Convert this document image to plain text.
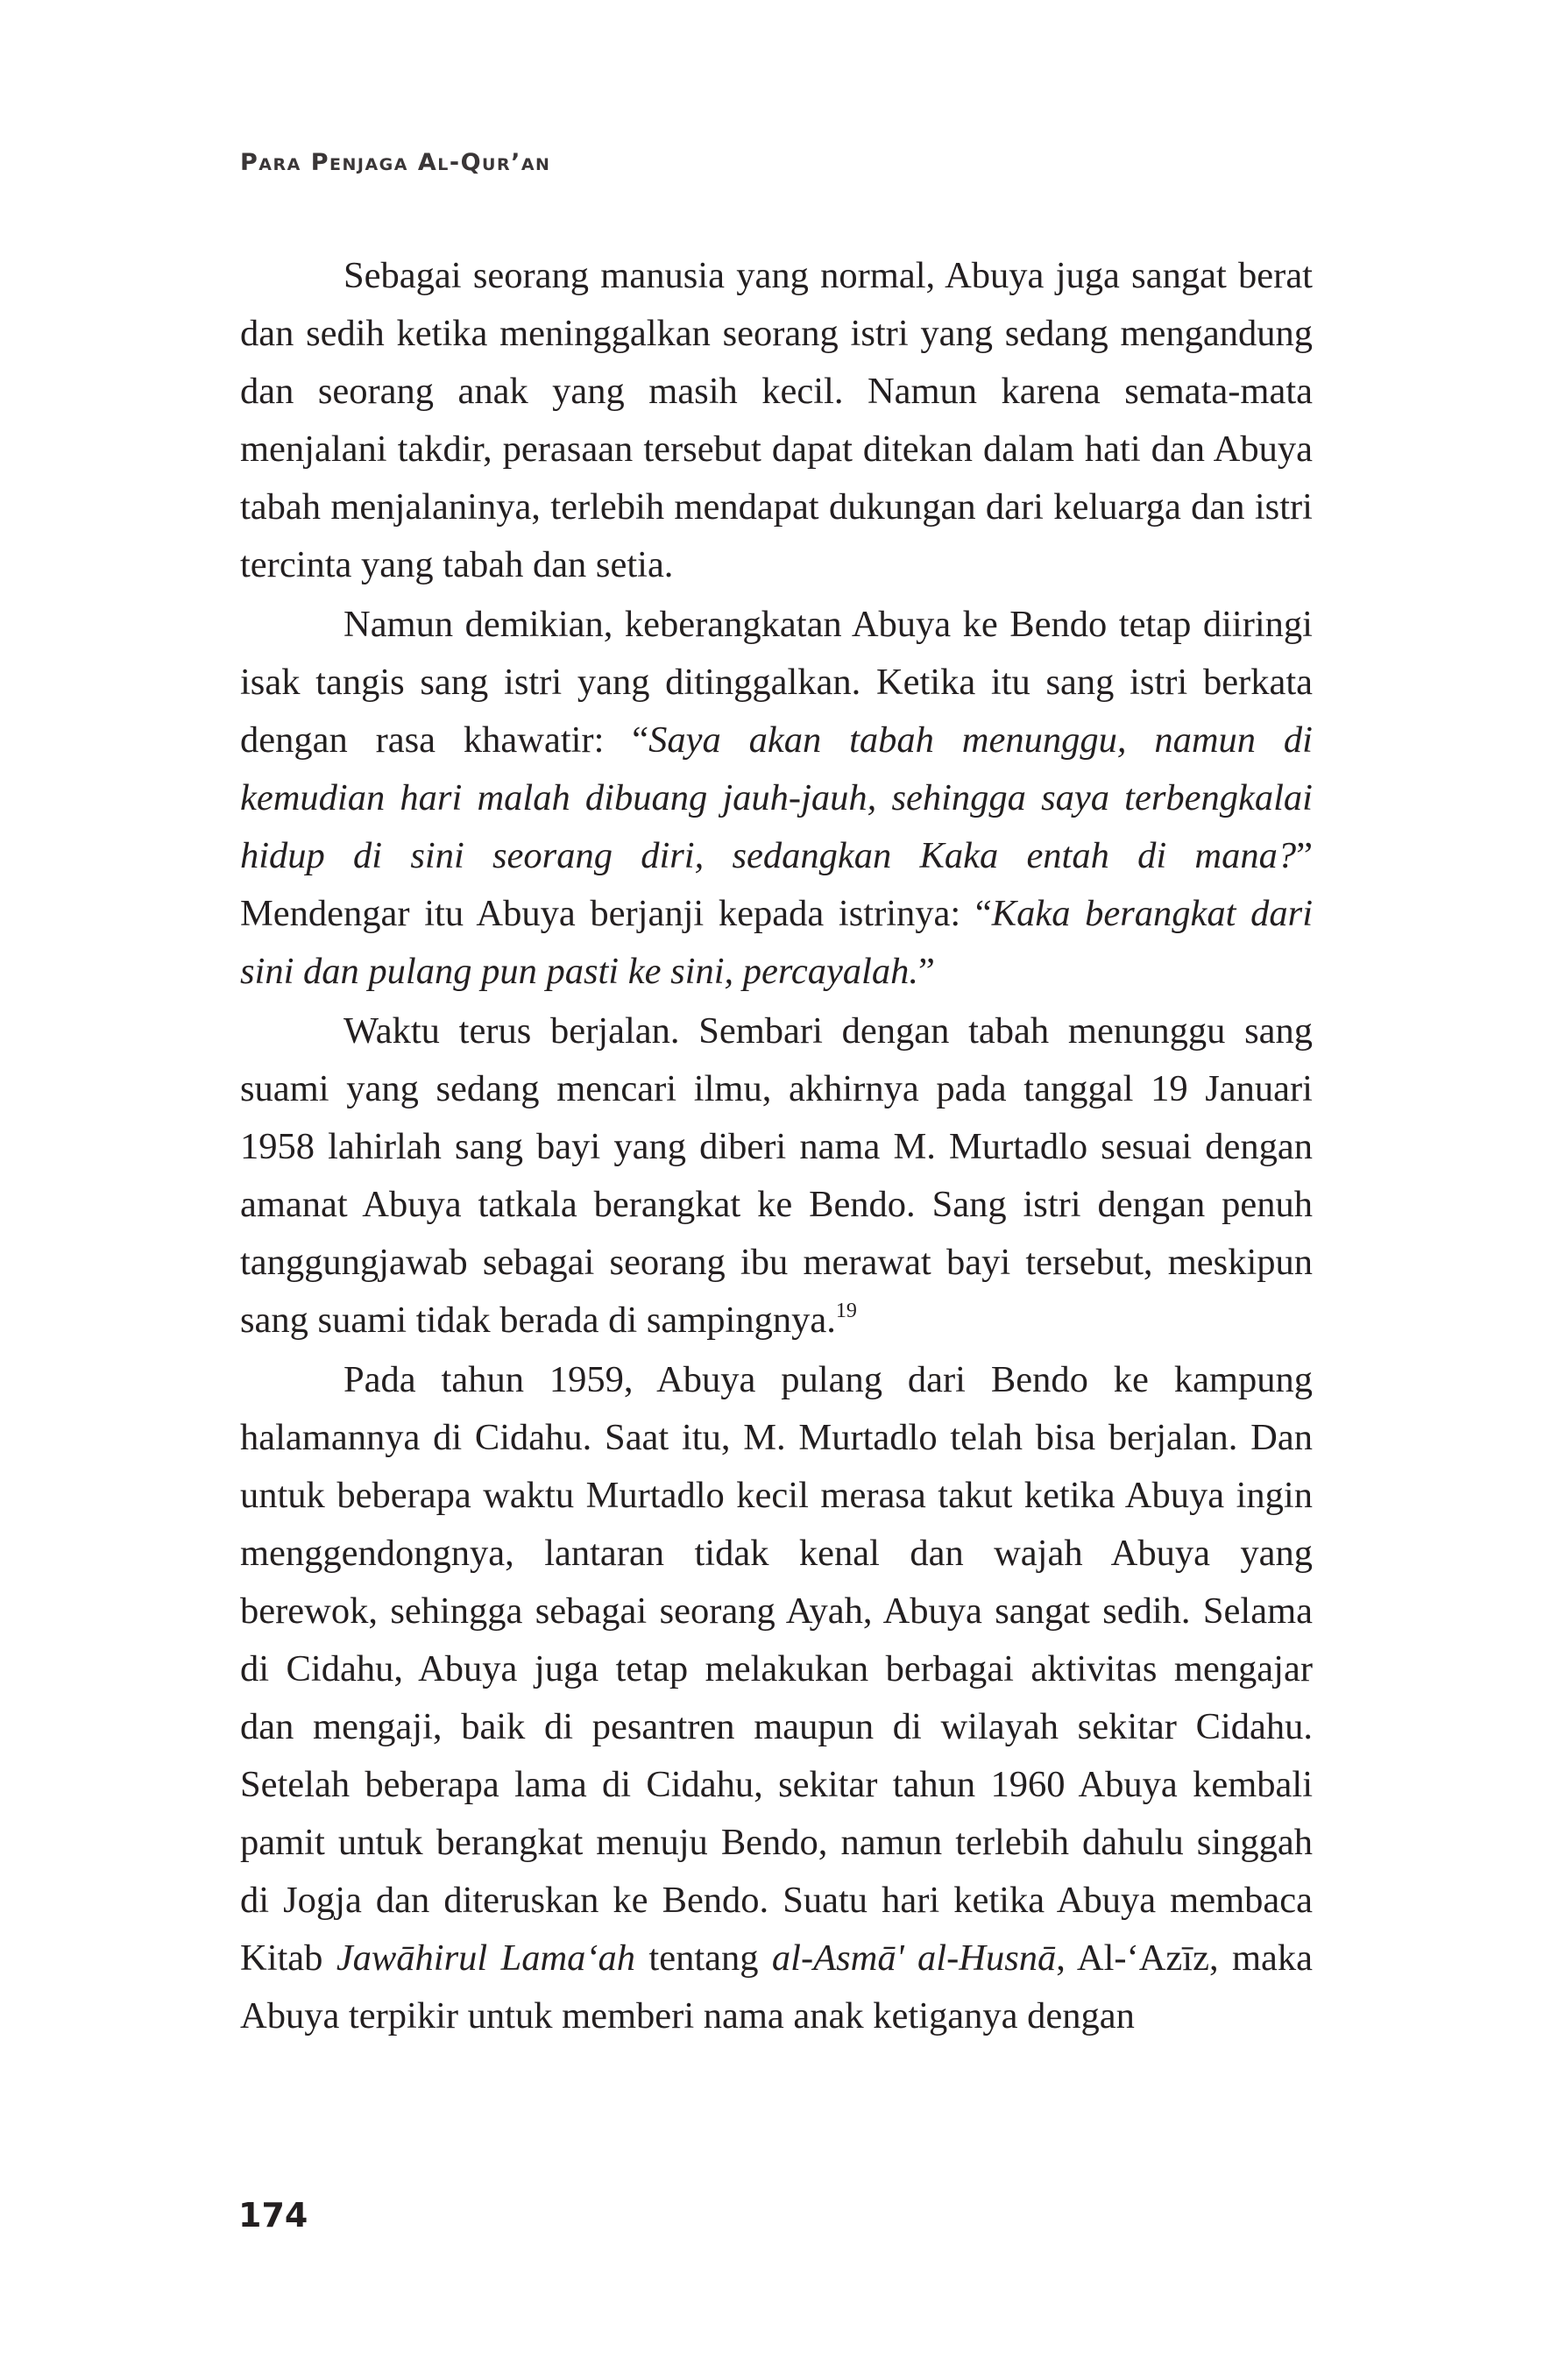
Para Penjaga Al-Qur’an

Sebagai seorang manusia yang normal, Abuya juga sangat berat dan sedih ketika meninggalkan seorang istri yang sedang mengandung dan seorang anak yang masih kecil. Namun karena semata-mata menjalani takdir, perasaan tersebut dapat ditekan dalam hati dan Abuya tabah menjalaninya, terlebih mendapat dukungan dari keluarga dan istri tercinta yang tabah dan setia.

Namun demikian, keberangkatan Abuya ke Bendo tetap diiringi isak tangis sang istri yang ditinggalkan. Ketika itu sang istri berkata dengan rasa khawatir: “Saya akan tabah menunggu, namun di kemudian hari malah dibuang jauh-jauh, sehingga saya terbengkalai hidup di sini seorang diri, sedangkan Kaka entah di mana?” Mendengar itu Abuya berjanji kepada istrinya: “Kaka berangkat dari sini dan pulang pun pasti ke sini, percayalah.”

Waktu terus berjalan. Sembari dengan tabah menunggu sang suami yang sedang mencari ilmu, akhirnya pada tanggal 19 Januari 1958 lahirlah sang bayi yang diberi nama M. Murtadlo sesuai dengan amanat Abuya tatkala berangkat ke Bendo. Sang istri dengan penuh tanggungjawab sebagai seorang ibu merawat bayi tersebut, meskipun sang suami tidak berada di sampingnya.$^{19}$

Pada tahun 1959, Abuya pulang dari Bendo ke kampung halamannya di Cidahu. Saat itu, M. Murtadlo telah bisa berjalan. Dan untuk beberapa waktu Murtadlo kecil merasa takut ketika Abuya ingin menggendongnya, lantaran tidak kenal dan wajah Abuya yang berewok, sehingga sebagai seorang Ayah, Abuya sangat sedih. Selama di Cidahu, Abuya juga tetap melakukan berbagai aktivitas mengajar dan mengaji, baik di pesantren maupun di wilayah sekitar Cidahu. Setelah beberapa lama di Cidahu, sekitar tahun 1960 Abuya kembali pamit untuk berangkat menuju Bendo, namun terlebih dahulu singgah di Jogja dan diteruskan ke Bendo. Suatu hari ketika Abuya membaca Kitab Jawāhirul Lama‘ah tentang al-Asmā' al-Husnā, Al-‘Azīz, maka Abuya terpikir untuk memberi nama anak ketiganya dengan

174
